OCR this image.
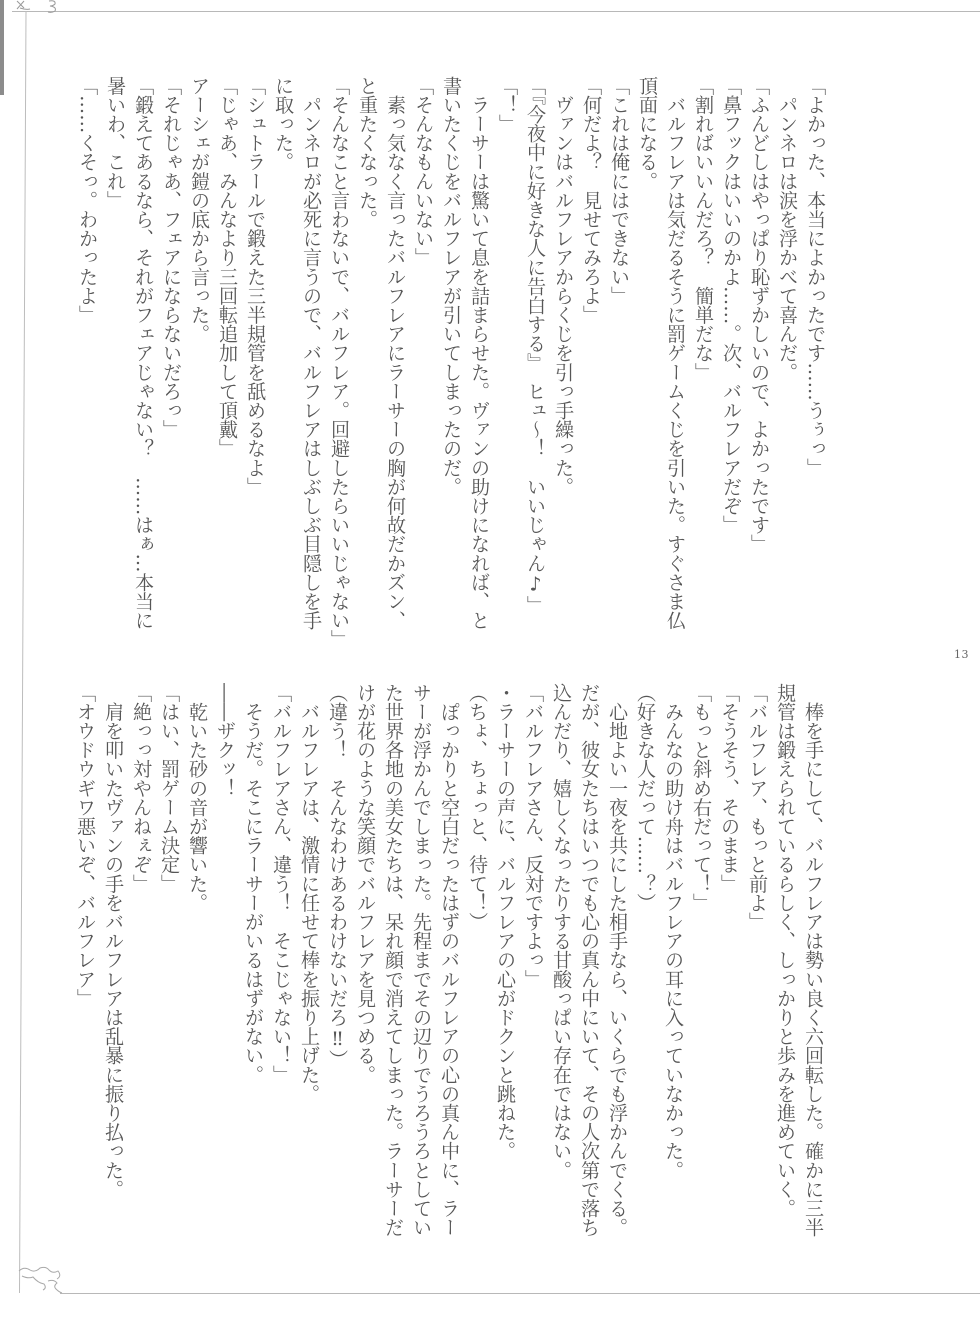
「よかった、本当によかったです……うぅっ」

　パンネロは涙を浮かべて喜んだ。

「ふんどしはやっぱり恥ずかしいので、よかったです」

「鼻フックはいいのかよ……。次、バルフレアだぞ」

「割ればいいんだろ？　簡単だな」

　バルフレアは気だるそうに罰ゲームくじを引いた。すぐさま仏

頂面になる。

「これは俺にはできない」

「何だよ？　見せてみろよ」

　ヴァンはバルフレアからくじを引っ手繰った。

「『今夜中に好きな人に告白する』　ヒュ〜！　いいじゃん♪」

「！」

　ラーサーは驚いて息を詰まらせた。ヴァンの助けになれば、と

書いたくじをバルフレアが引いてしまったのだ。

「そんなもんいない」

　素っ気なく言ったバルフレアにラーサーの胸が何故だかズン、

と重たくなった。

「そんなこと言わないで、バルフレア。回避したらいいじゃない」

　パンネロが必死に言うので、バルフレアはしぶしぶ目隠しを手

に取った。

「シュトラールで鍛えた三半規管を舐めるなよ」

「じゃあ、みんなより三回転追加して頂戴」

アーシェが鎧の底から言った。

「それじゃあ、フェアにならないだろっ」

「鍛えてあるなら、それがフェアじゃない？　……はぁ…本当に

暑いわ、これ」

「……くそっ。わかったよ」

13

　棒を手にして、バルフレアは勢い良く六回転した。確かに三半

規管は鍛えられているらしく、しっかりと歩みを進めていく。

「バルフレア、もっと前よ」

「そうそう、そのまま」

「もっと斜め右だって！」

　みんなの助け舟はバルフレアの耳に入っていなかった。

（好きな人だって……？）

　心地よい一夜を共にした相手なら、いくらでも浮かんでくる。

だが、彼女たちはいつでも心の真ん中にいて、その人次第で落ち

込んだり、嬉しくなったりする甘酸っぱい存在ではない。

「バルフレアさん、反対ですよっ」

・ラーサーの声に、バルフレアの心がドクンと跳ねた。

（ちょ、ちょっと、待て！）

　ぽっかりと空白だったはずのバルフレアの心の真ん中に、ラー

サーが浮かんでしまった。先程までその辺りでうろうろとしてい

た世界各地の美女たちは、呆れ顔で消えてしまった。ラーサーだ

けが花のような笑顔でバルフレアを見つめる。

（違う！　そんなわけあるわけないだろ‼）

　バルフレアは、激情に任せて棒を振り上げた。

「バルフレアさん、違う！　そこじゃない！」

　そうだ。そこにラーサーがいるはずがない。

――ザクッ！

　乾いた砂の音が響いた。

「はい、罰ゲーム決定」

「絶っっ対やんねぇぞ」

　肩を叩いたヴァンの手をバルフレアは乱暴に振り払った。

「オウドウギワ悪いぞ、バルフレア」
